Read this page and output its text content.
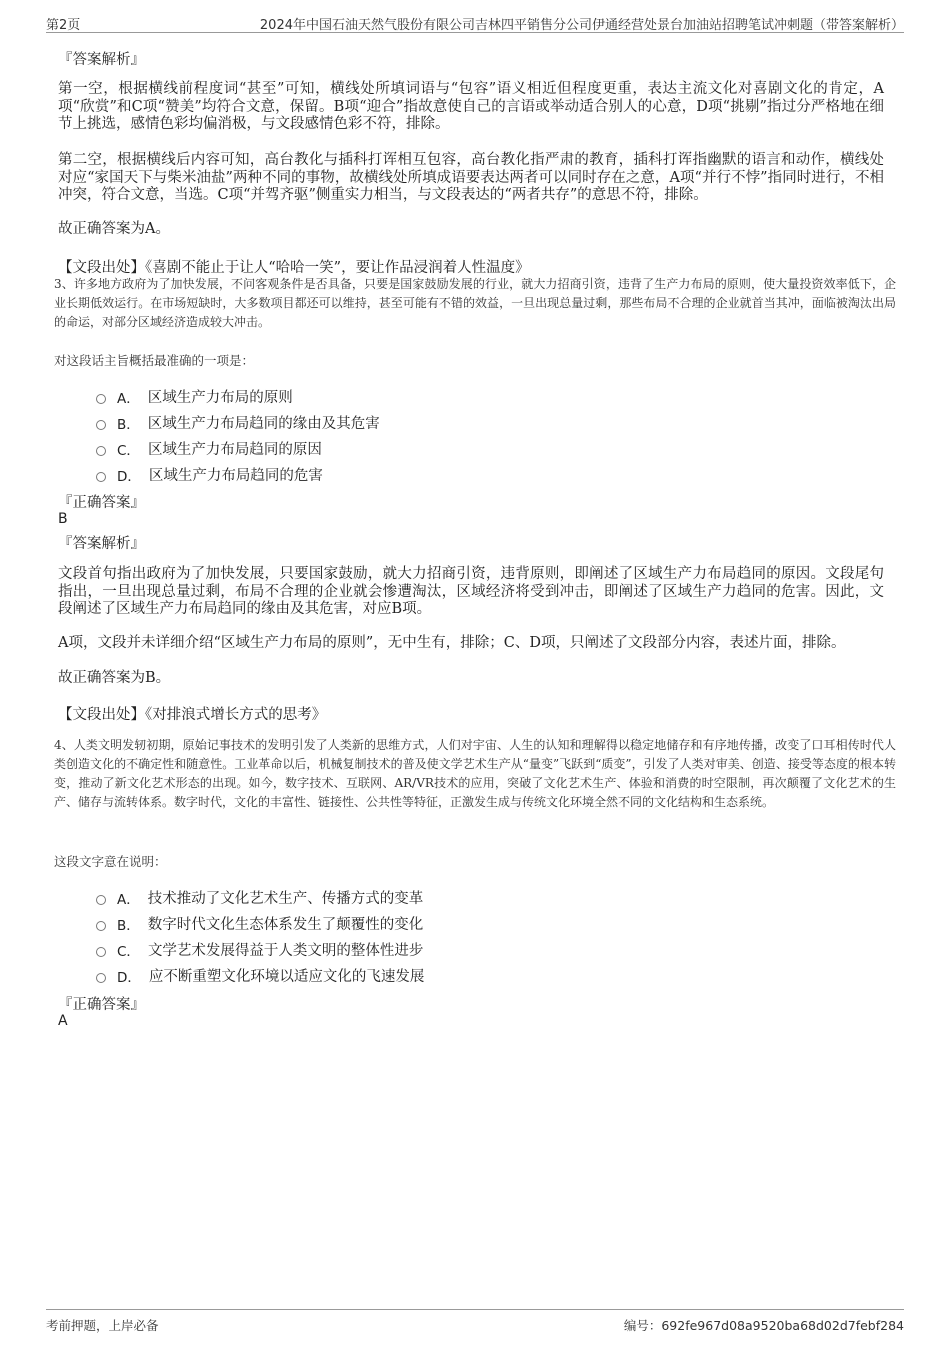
第2页	2024年中国石油天然气股份有限公司吉林四平销售分公司伊通经营处景台加油站招聘笔试冲刺题（带答案解析）
『答案解析』
第一空，根据横线前程度词“甚至”可知，横线处所填词语与“包容”语义相近但程度更重，表达主流文化对喜剧文化的肯定，A项“欣赏”和C项“赞美”均符合文意，保留。B项“迎合”指故意使自己的言语或举动适合别人的心意，D项“挑剔”指过分严格地在细节上挑选，感情色彩均偏消极，与文段感情色彩不符，排除。
第二空，根据横线后内容可知，高台教化与插科打诨相互包容，高台教化指严肃的教育，插科打诨指幽默的语言和动作，横线处对应“家国天下与柴米油盐”两种不同的事物，故横线处所填成语要表达两者可以同时存在之意，A项“并行不悖”指同时进行，不相冲突，符合文意，当选。C项“并驾齐驱”侧重实力相当，与文段表达的“两者共存”的意思不符，排除。
故正确答案为A。
【文段出处】《喜剧不能止于让人“哈哈一笑”，要让作品浸润着人性温度》
3、许多地方政府为了加快发展，不问客观条件是否具备，只要是国家鼓励发展的行业，就大力招商引资，违背了生产力布局的原则，使大量投资效率低下，企业长期低效运行。在市场短缺时，大多数项目都还可以维持，甚至可能有不错的效益，一旦出现总量过剩，那些布局不合理的企业就首当其冲，面临被淘汰出局的命运，对部分区域经济造成较大冲击。
对这段话主旨概括最准确的一项是：
A． 区域生产力布局的原则
B． 区域生产力布局趋同的缘由及其危害
C． 区域生产力布局趋同的原因
D． 区域生产力布局趋同的危害
『正确答案』
B
『答案解析』
文段首句指出政府为了加快发展，只要国家鼓励，就大力招商引资，违背原则，即阐述了区域生产力布局趋同的原因。文段尾句指出，一旦出现总量过剩，布局不合理的企业就会惨遭淘汰，区域经济将受到冲击，即阐述了区域生产力趋同的危害。因此，文段阐述了区域生产力布局趋同的缘由及其危害，对应B项。
A项，文段并未详细介绍“区域生产力布局的原则”，无中生有，排除；C、D项，只阐述了文段部分内容，表述片面，排除。
故正确答案为B。
【文段出处】《对排浪式增长方式的思考》
4、人类文明发轫初期，原始记事技术的发明引发了人类新的思维方式，人们对宇宙、人生的认知和理解得以稳定地储存和有序地传播，改变了口耳相传时代人类创造文化的不确定性和随意性。工业革命以后，机械复制技术的普及使文学艺术生产从“量变”飞跃到“质变”，引发了人类对审美、创造、接受等态度的根本转变，推动了新文化艺术形态的出现。如今，数字技术、互联网、AR/VR技术的应用，突破了文化艺术生产、体验和消费的时空限制，再次颠覆了文化艺术的生产、储存与流转体系。数字时代，文化的丰富性、链接性、公共性等特征，正激发生成与传统文化环境全然不同的文化结构和生态系统。
这段文字意在说明：
A． 技术推动了文化艺术生产、传播方式的变革
B． 数字时代文化生态体系发生了颠覆性的变化
C． 文学艺术发展得益于人类文明的整体性进步
D． 应不断重塑文化环境以适应文化的飞速发展
『正确答案』
A
考前押题，上岸必备	编号：692fe967d08a9520ba68d02d7febf284
